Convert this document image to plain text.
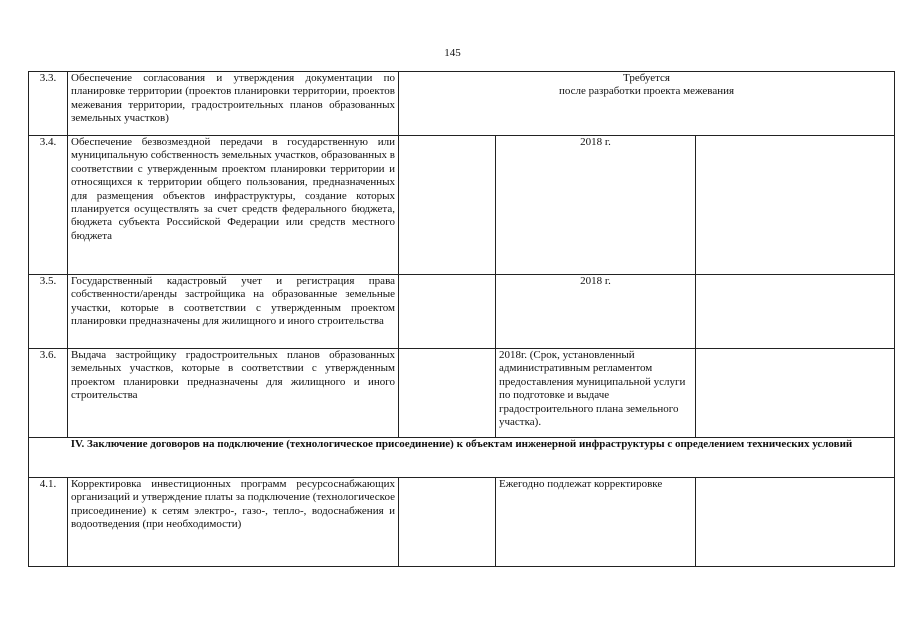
145
3.3.	Обеспечение согласования и утверждения документации по планировке территории (проектов планировки территории, проектов межевания территории, градостроительных планов образованных земельных участков)	Требуется
после разработки проекта межевания		

3.4.	Обеспечение безвозмездной передачи в государственную или муниципальную собственность земельных участков, образованных в соответствии с утвержденным проектом планировки территории и относящихся к территории общего пользования, предназначенных для размещения объектов инфраструктуры, создание которых планируется осуществлять за счет средств федерального бюджета, бюджета субъекта Российской Федерации или средств местного бюджета		2018 г.	
3.5.	Государственный кадастровый учет и регистрация права собственности/аренды застройщика на образованные земельные участки, которые в соответствии с утвержденным проектом планировки предназначены для жилищного и иного строительства		2018 г.	
3.6.	Выдача застройщику градостроительных планов образованных земельных участков, которые в соответствии с утвержденным проектом планировки предназначены для жилищного и иного строительства		2018г. (Срок, установленный административным регламентом предоставления муниципальной услуги по подготовке и выдаче градостроительного плана земельного участка).	
IV. Заключение договоров на подключение (технологическое присоединение) к объектам инженерной инфраструктуры с определением технических условий				
4.1.	Корректировка инвестиционных программ ресурсоснабжающих организаций и утверждение платы за подключение (технологическое присоединение) к сетям электро-, газо-, тепло-, водоснабжения и водоотведения (при необходимости)		Ежегодно подлежат корректировке	
